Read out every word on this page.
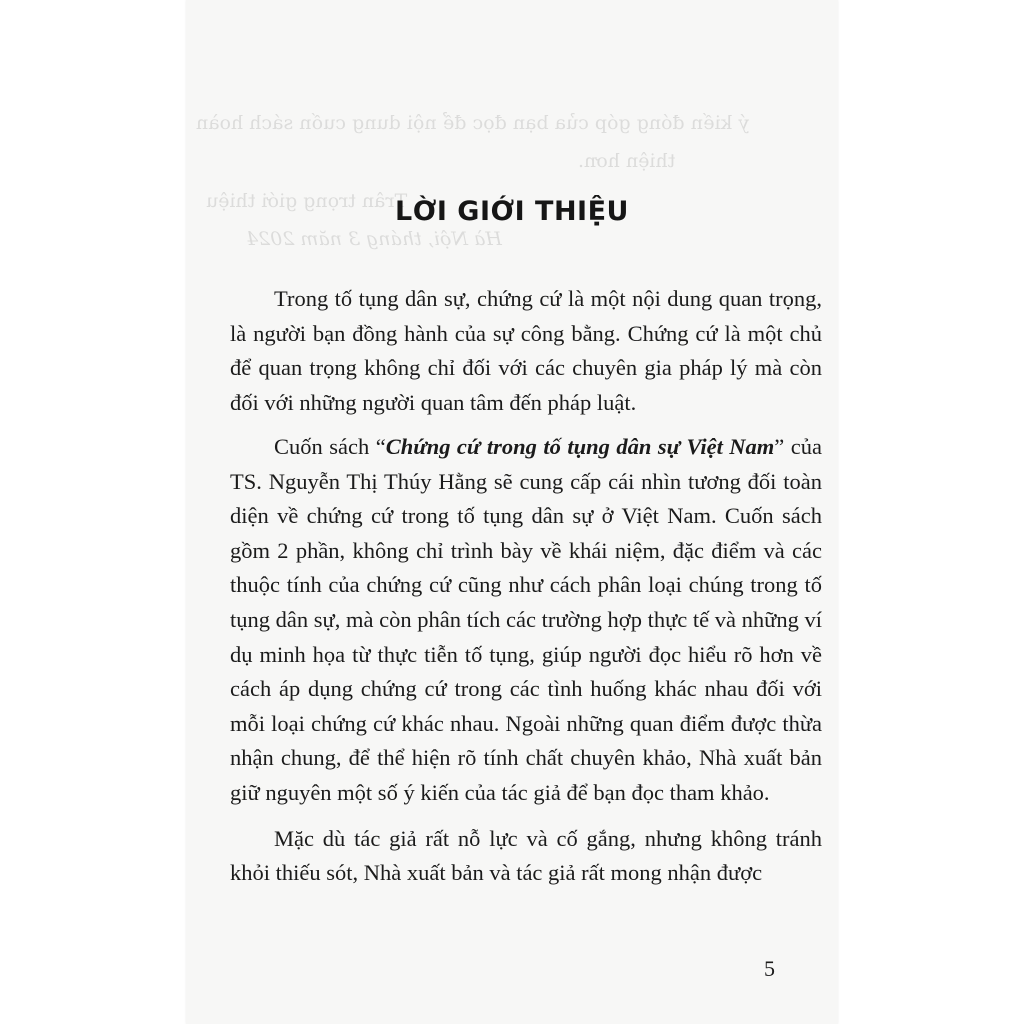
ý kiến đóng góp của bạn đọc để nội dung cuốn sách hoàn
thiện hơn.
Trân trọng giới thiệu
Hà Nội, tháng 3 năm 2024
LỜI GIỚI THIỆU

Trong tố tụng dân sự, chứng cứ là một nội dung quan trọng, là người bạn đồng hành của sự công bằng. Chứng cứ là một chủ để quan trọng không chỉ đối với các chuyên gia pháp lý mà còn đối với những người quan tâm đến pháp luật.

Cuốn sách “Chứng cứ trong tố tụng dân sự Việt Nam” của TS. Nguyễn Thị Thúy Hằng sẽ cung cấp cái nhìn tương đối toàn diện về chứng cứ trong tố tụng dân sự ở Việt Nam. Cuốn sách gồm 2 phần, không chỉ trình bày về khái niệm, đặc điểm và các thuộc tính của chứng cứ cũng như cách phân loại chúng trong tố tụng dân sự, mà còn phân tích các trường hợp thực tế và những ví dụ minh họa từ thực tiễn tố tụng, giúp người đọc hiểu rõ hơn về cách áp dụng chứng cứ trong các tình huống khác nhau đối với mỗi loại chứng cứ khác nhau. Ngoài những quan điểm được thừa nhận chung, để thể hiện rõ tính chất chuyên khảo, Nhà xuất bản giữ nguyên một số ý kiến của tác giả để bạn đọc tham khảo.

Mặc dù tác giả rất nỗ lực và cố gắng, nhưng không tránh khỏi thiếu sót, Nhà xuất bản và tác giả rất mong nhận được

5
